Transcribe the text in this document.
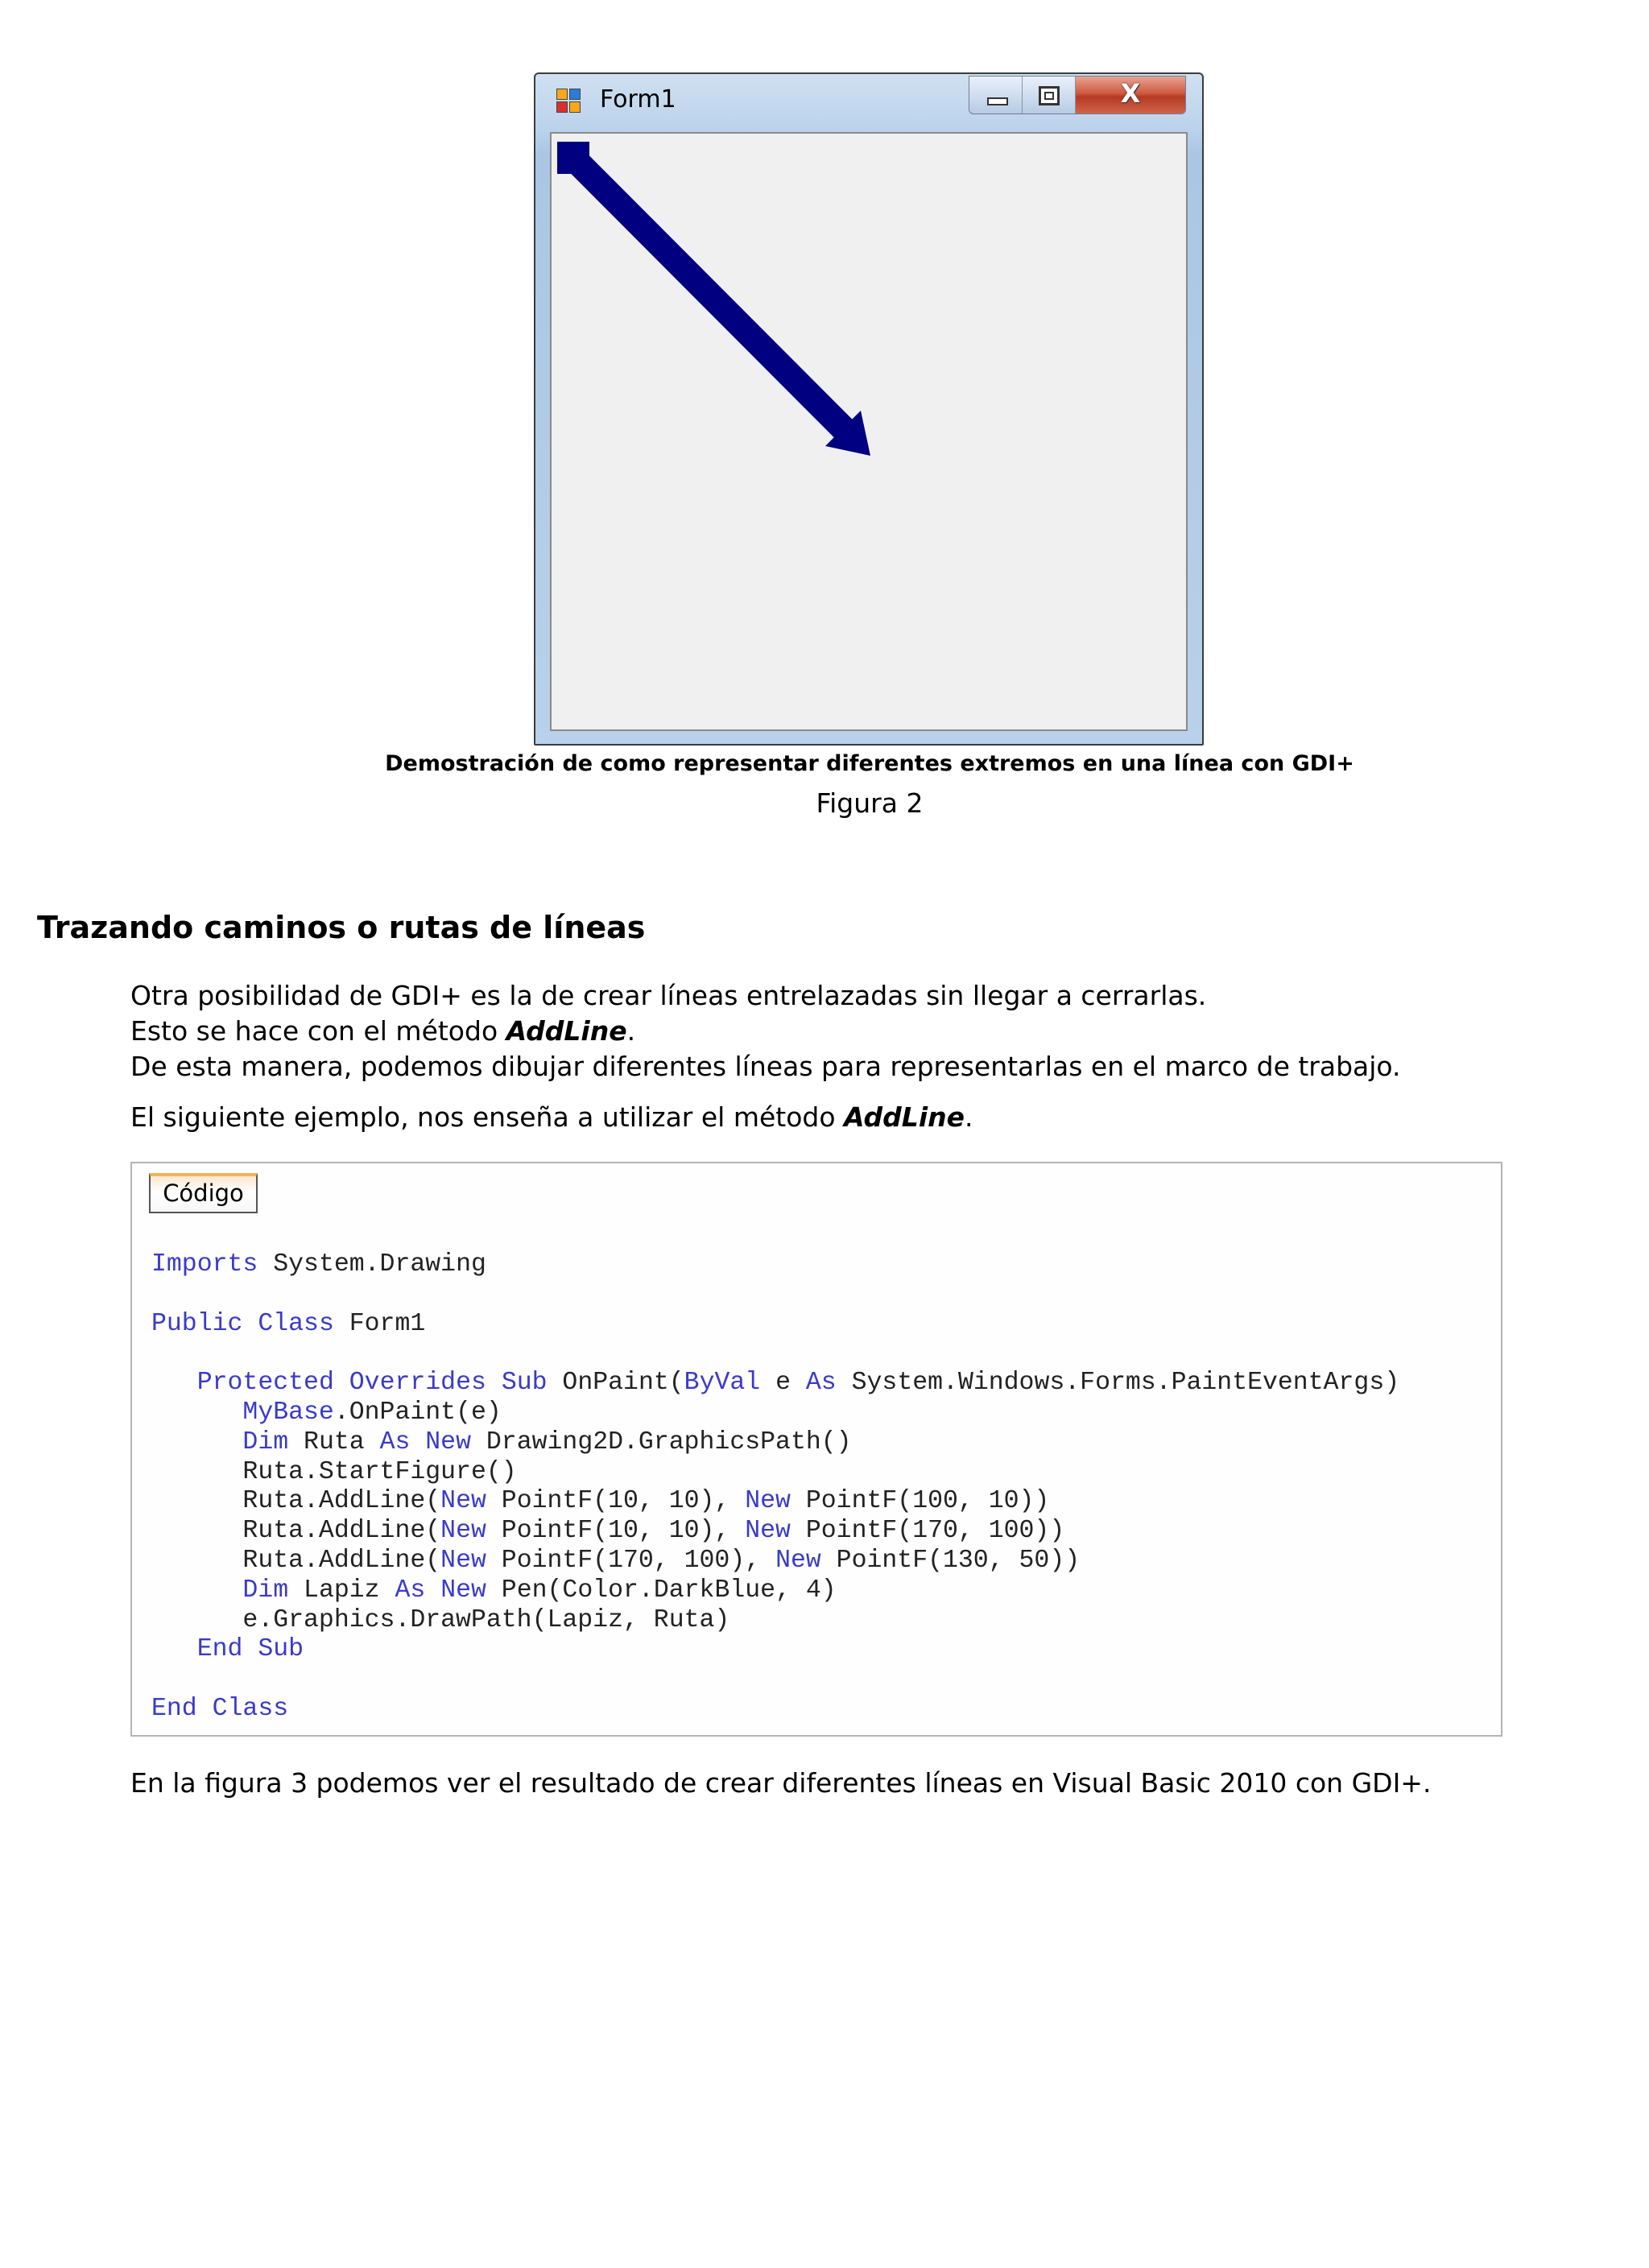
Form1	X
Demostración de como representar diferentes extremos en una línea con GDI+
Figura 2
Trazando caminos o rutas de líneas
Otra posibilidad de GDI+ es la de crear líneas entrelazadas sin llegar a cerrarlas.
Esto se hace con el método AddLine.
De esta manera, podemos dibujar diferentes líneas para representarlas en el marco de trabajo.
El siguiente ejemplo, nos enseña a utilizar el método AddLine.
Código
Imports System.Drawing

Public Class Form1

Protected Overrides Sub OnPaint(ByVal e As System.Windows.Forms.PaintEventArgs)
MyBase.OnPaint(e)
Dim Ruta As New Drawing2D.GraphicsPath()
Ruta.StartFigure()
Ruta.AddLine(New PointF(10, 10), New PointF(100, 10))
Ruta.AddLine(New PointF(10, 10), New PointF(170, 100))
Ruta.AddLine(New PointF(170, 100), New PointF(130, 50))
Dim Lapiz As New Pen(Color.DarkBlue, 4)
e.Graphics.DrawPath(Lapiz, Ruta)
End Sub

End Class
En la figura 3 podemos ver el resultado de crear diferentes líneas en Visual Basic 2010 con GDI+.
